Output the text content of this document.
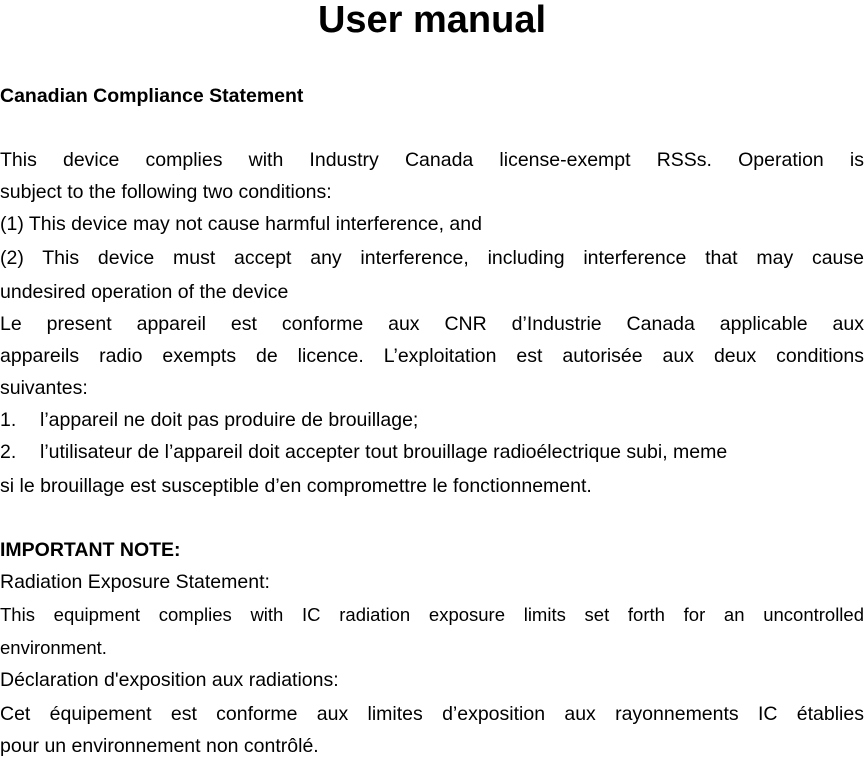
User manual

Canadian Compliance Statement

This device complies with Industry Canada license-exempt RSSs. Operation is

subject to the following two conditions:

(1) This device may not cause harmful interference, and

(2) This device must accept any interference, including interference that may cause

undesired operation of the device

Le present appareil est conforme aux CNR d’Industrie Canada applicable aux

appareils radio exempts de licence. L’exploitation est autorisée aux deux conditions

suivantes:

1. l’appareil ne doit pas produire de brouillage;

2. l’utilisateur de l’appareil doit accepter tout brouillage radioélectrique subi, meme

si le brouillage est susceptible d’en compromettre le fonctionnement.

IMPORTANT NOTE:

Radiation Exposure Statement:

This equipment complies with IC radiation exposure limits set forth for an uncontrolled

environment.

Déclaration d'exposition aux radiations:

Cet équipement est conforme aux limites d’exposition aux rayonnements IC établies

pour un environnement non contrôlé.
